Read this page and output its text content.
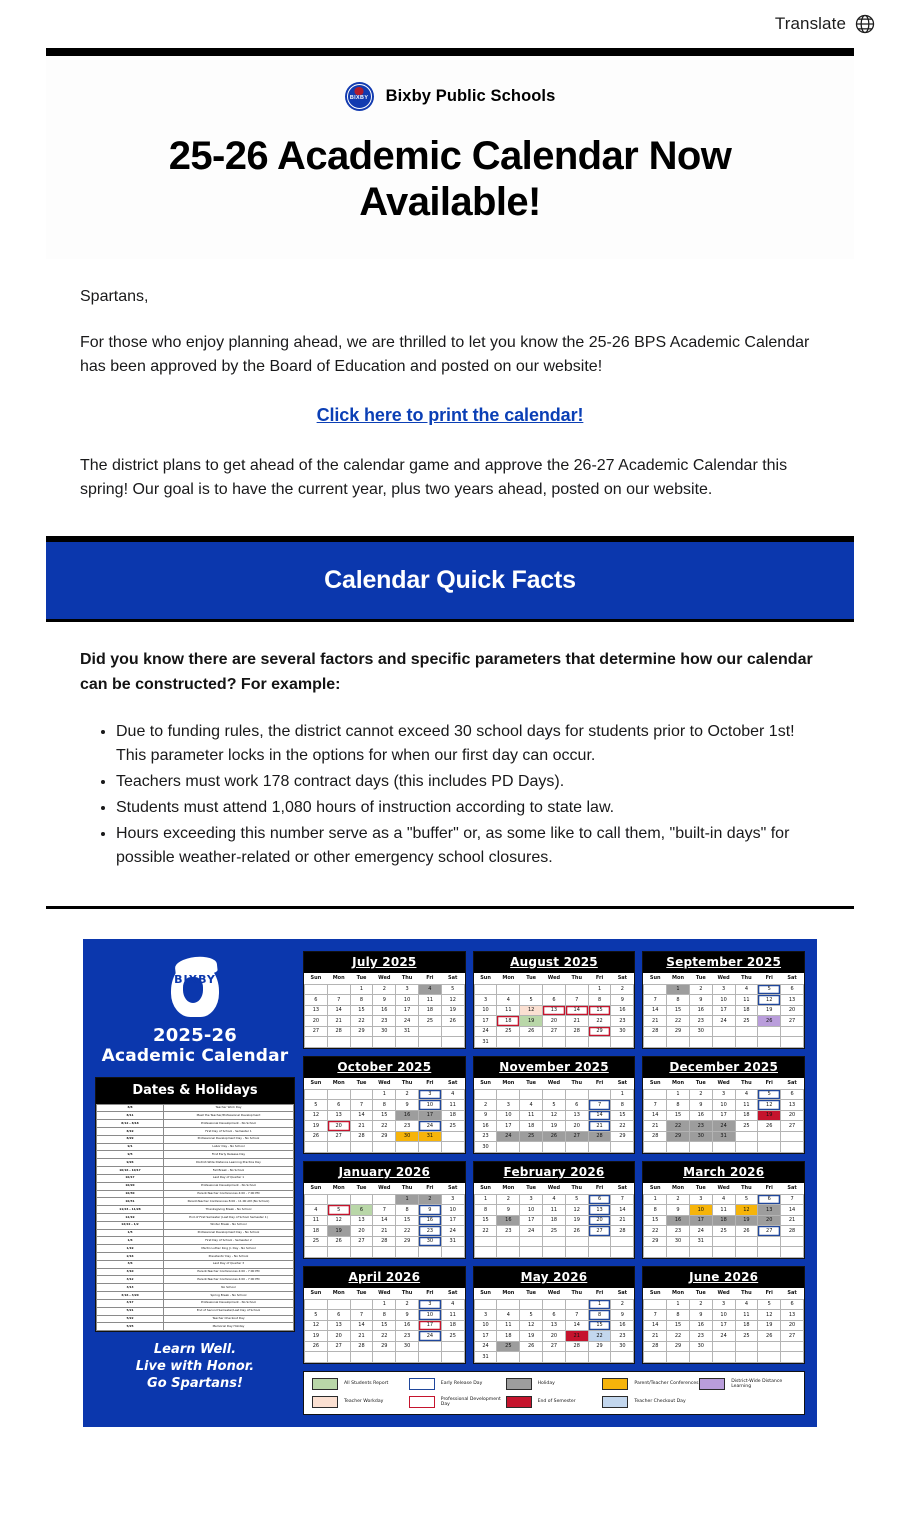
Translate
BIXBY Bixby Public Schools
25-26 Academic Calendar Now Available!

Spartans,

For those who enjoy planning ahead, we are thrilled to let you know the 25-26 BPS Academic Calendar has been approved by the Board of Education and posted on our website!

Click here to print the calendar!

The district plans to get ahead of the calendar game and approve the 26-27 Academic Calendar this spring! Our goal is to have the current year, plus two years ahead, posted on our website.

Calendar Quick Facts

Did you know there are several factors and specific parameters that determine how our calendar can be constructed? For example:

• Due to funding rules, the district cannot exceed 30 school days for students prior to October 1st! This parameter locks in the options for when our first day can occur.
• Teachers must work 178 contract days (this includes PD Days).
• Students must attend 1,080 hours of instruction according to state law.
• Hours exceeding this number serve as a "buffer" or, as some like to call them, "built-in days" for possible weather-related or other emergency school closures.
BIXBY
2025-26
Academic Calendar
Dates & Holidays
8/8	Teacher Work Day
8/11	Meet the Teacher/Professional Development
8/12 - 8/18	Professional Development - No School
8/19	First Day of School - Semester 1
8/29	Professional Development Day - No School
9/1	Labor Day - No School
9/5	First Early Release Day
9/26	District-Wide Distance Learning Practice Day
10/16 - 10/17	Fall Break - No School
10/17	Last Day of Quarter 1
10/20	Professional Development - No School
10/30	Parent-Teacher Conferences 4:00 - 7:00 PM
10/31	Parent-Teacher Conferences 8:00 - 11:00 AM (No School)
11/24 - 11/28	Thanksgiving Break - No School
12/19	End of First Semester (Last Day of School Semester 1)
12/22 - 1/2	Winter Break - No School
1/5	Professional Development Day - No School
1/6	First Day of School - Semester 2
1/19	Martin Luther King Jr. Day - No School
2/16	Presidents' Day - No School
3/6	Last Day of Quarter 3
3/10	Parent-Teacher Conferences 4:00 - 7:00 PM
3/12	Parent-Teacher Conferences 4:00 - 7:00 PM
3/13	No School
3/16 - 3/20	Spring Break - No School
4/17	Professional Development - No School
5/21	End of Second Semester/Last Day of School
5/22	Teacher Checkout Day
5/25	Memorial Day Holiday
Learn Well.
Live with Honor.
Go Spartans!
July 2025
Sun	Mon	Tue	Wed	Thu	Fri	Sat
		1	2	3	4	5
6	7	8	9	10	11	12
13	14	15	16	17	18	19
20	21	22	23	24	25	26
27	28	29	30	31		

August 2025
Sun	Mon	Tue	Wed	Thu	Fri	Sat
					1	2
3	4	5	6	7	8	9
10	11	12	13	14	15	16
17	18	19	20	21	22	23
24	25	26	27	28	29	30
31						
September 2025
Sun	Mon	Tue	Wed	Thu	Fri	Sat
	1	2	3	4	5	6
7	8	9	10	11	12	13
14	15	16	17	18	19	20
21	22	23	24	25	26	27
28	29	30				

October 2025
Sun	Mon	Tue	Wed	Thu	Fri	Sat
			1	2	3	4
5	6	7	8	9	10	11
12	13	14	15	16	17	18
19	20	21	22	23	24	25
26	27	28	29	30	31	

November 2025
Sun	Mon	Tue	Wed	Thu	Fri	Sat
						1
2	3	4	5	6	7	8
9	10	11	12	13	14	15
16	17	18	19	20	21	22
23	24	25	26	27	28	29
30						
December 2025
Sun	Mon	Tue	Wed	Thu	Fri	Sat
	1	2	3	4	5	6
7	8	9	10	11	12	13
14	15	16	17	18	19	20
21	22	23	24	25	26	27
28	29	30	31			

January 2026
Sun	Mon	Tue	Wed	Thu	Fri	Sat
				1	2	3
4	5	6	7	8	9	10
11	12	13	14	15	16	17
18	19	20	21	22	23	24
25	26	27	28	29	30	31

February 2026
Sun	Mon	Tue	Wed	Thu	Fri	Sat
1	2	3	4	5	6	7
8	9	10	11	12	13	14
15	16	17	18	19	20	21
22	23	24	25	26	27	28

March 2026
Sun	Mon	Tue	Wed	Thu	Fri	Sat
1	2	3	4	5	6	7
8	9	10	11	12	13	14
15	16	17	18	19	20	21
22	23	24	25	26	27	28
29	30	31				

April 2026
Sun	Mon	Tue	Wed	Thu	Fri	Sat
			1	2	3	4
5	6	7	8	9	10	11
12	13	14	15	16	17	18
19	20	21	22	23	24	25
26	27	28	29	30		

May 2026
Sun	Mon	Tue	Wed	Thu	Fri	Sat
					1	2
3	4	5	6	7	8	9
10	11	12	13	14	15	16
17	18	19	20	21	22	23
24	25	26	27	28	29	30
31						
June 2026
Sun	Mon	Tue	Wed	Thu	Fri	Sat
	1	2	3	4	5	6
7	8	9	10	11	12	13
14	15	16	17	18	19	20
21	22	23	24	25	26	27
28	29	30				

All Students Report	Early Release Day	Holiday	Parent/Teacher Conferences
District-Wide Distance Learning
Teacher Workday
Professional Development Day
End of Semester	Teacher Checkout Day
